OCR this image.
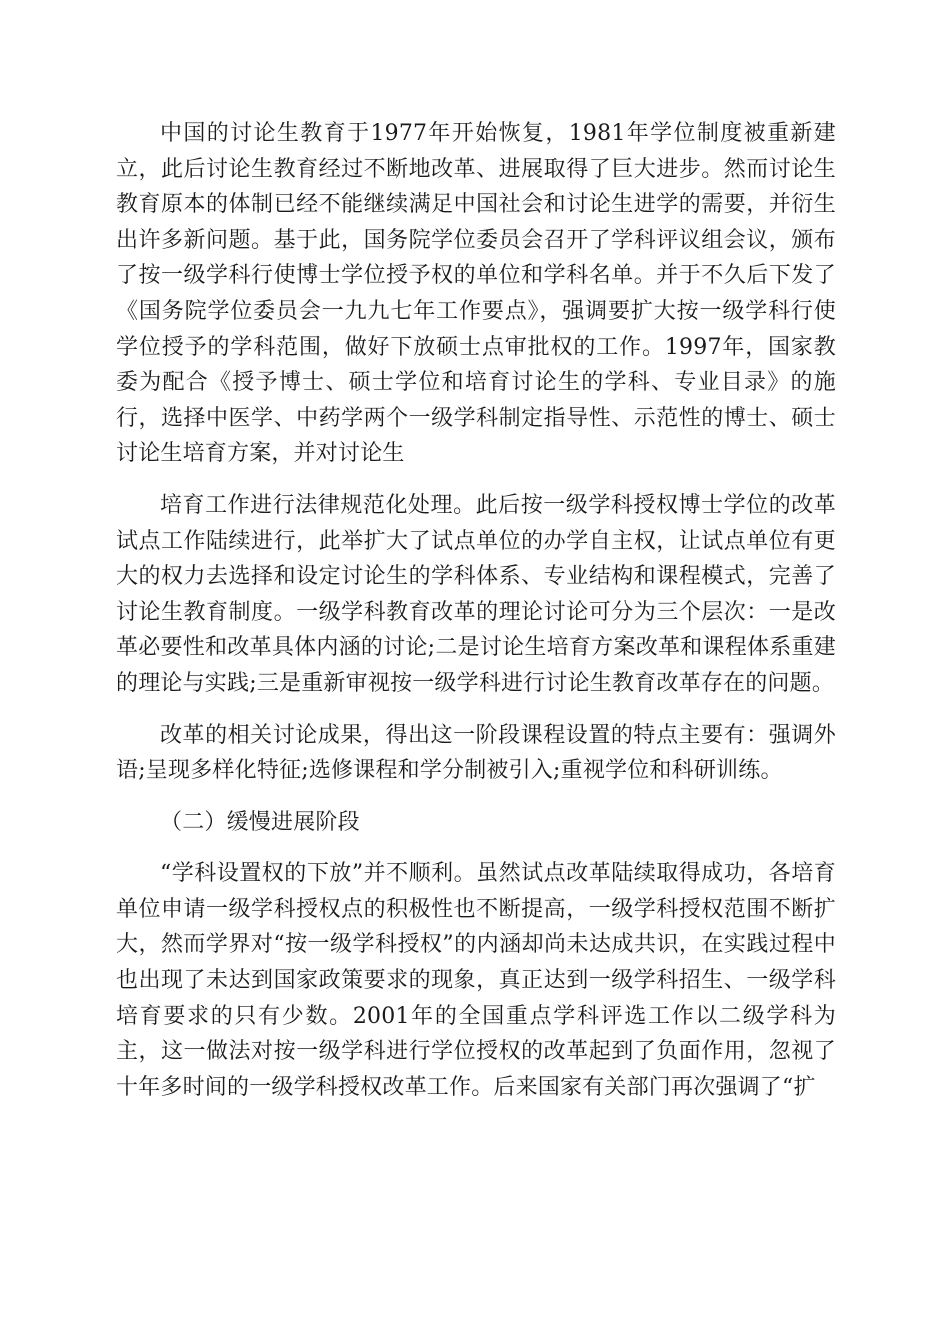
中国的讨论生教育于1977年开始恢复，1981年学位制度被重新建立，此后讨论生教育经过不断地改革、进展取得了巨大进步。然而讨论生教育原本的体制已经不能继续满足中国社会和讨论生进学的需要，并衍生出许多新问题。基于此，国务院学位委员会召开了学科评议组会议，颁布了按一级学科行使博士学位授予权的单位和学科名单。并于不久后下发了《国务院学位委员会一九九七年工作要点》，强调要扩大按一级学科行使学位授予的学科范围，做好下放硕士点审批权的工作。1997年，国家教委为配合《授予博士、硕士学位和培育讨论生的学科、专业目录》的施行，选择中医学、中药学两个一级学科制定指导性、示范性的博士、硕士讨论生培育方案，并对讨论生

培育工作进行法律规范化处理。此后按一级学科授权博士学位的改革试点工作陆续进行，此举扩大了试点单位的办学自主权，让试点单位有更大的权力去选择和设定讨论生的学科体系、专业结构和课程模式，完善了讨论生教育制度。一级学科教育改革的理论讨论可分为三个层次：一是改革必要性和改革具体内涵的讨论;二是讨论生培育方案改革和课程体系重建的理论与实践;三是重新审视按一级学科进行讨论生教育改革存在的问题。

改革的相关讨论成果，得出这一阶段课程设置的特点主要有：强调外语;呈现多样化特征;选修课程和学分制被引入;重视学位和科研训练。

（二）缓慢进展阶段

“学科设置权的下放”并不顺利。虽然试点改革陆续取得成功，各培育单位申请一级学科授权点的积极性也不断提高，一级学科授权范围不断扩大，然而学界对“按一级学科授权”的内涵却尚未达成共识，在实践过程中也出现了未达到国家政策要求的现象，真正达到一级学科招生、一级学科培育要求的只有少数。2001年的全国重点学科评选工作以二级学科为主，这一做法对按一级学科进行学位授权的改革起到了负面作用，忽视了十年多时间的一级学科授权改革工作。后来国家有关部门再次强调了“扩
